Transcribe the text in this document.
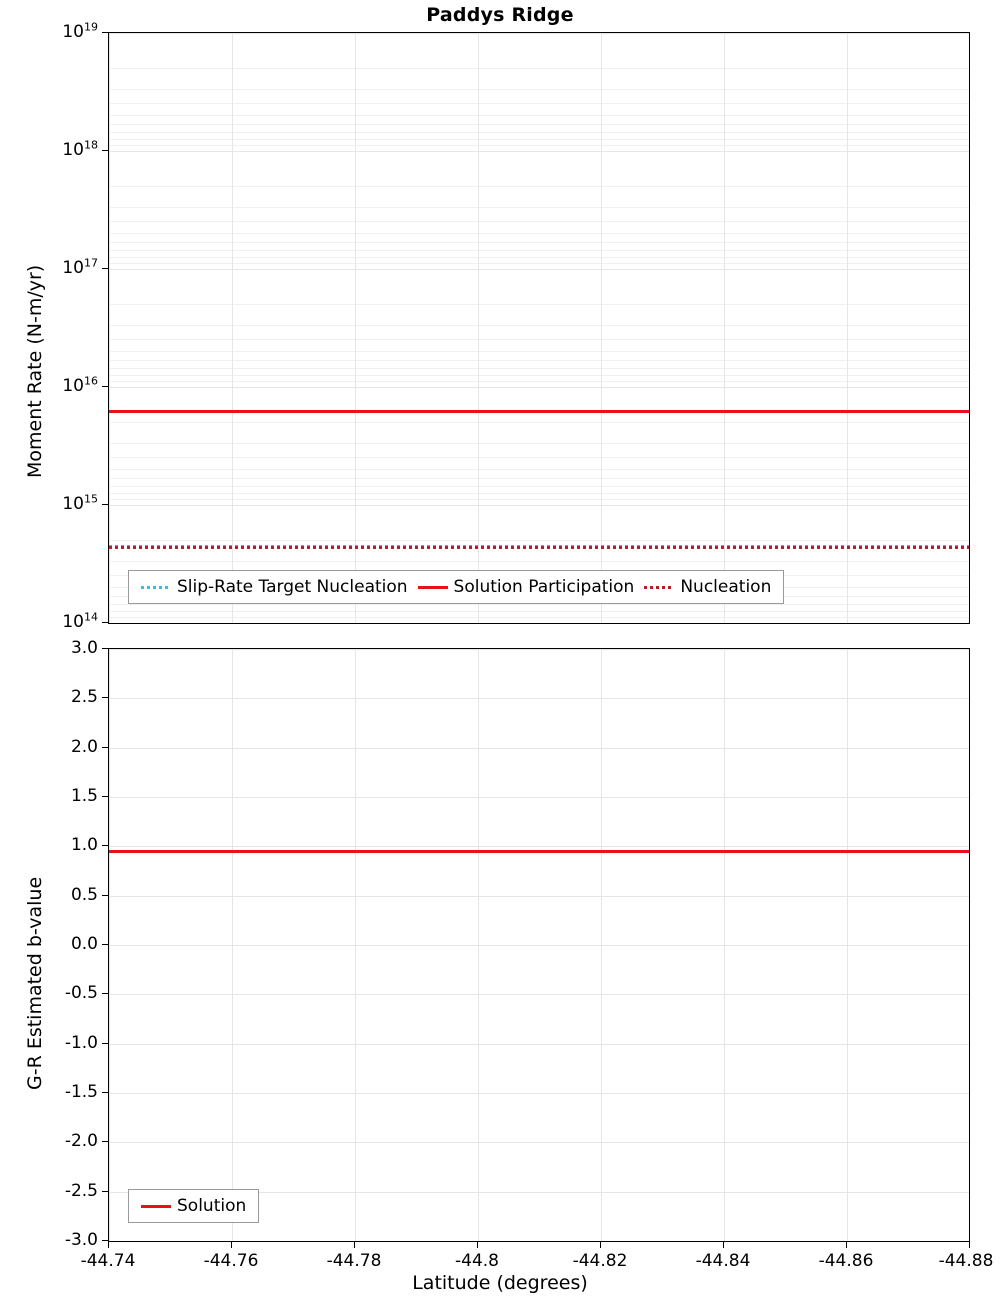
Paddys Ridge
$10^{19}$
$10^{18}$
$10^{17}$
$10^{16}$
$10^{15}$
$10^{14}$
Moment Rate (N-m/yr)
Slip-Rate Target Nucleation	Solution Participation	Nucleation
3.0
2.5
2.0
1.5
1.0
0.5
0.0
-0.5
-1.0
-1.5
-2.0
-2.5
-3.0
G-R Estimated b-value
-44.74	-44.76	-44.78	-44.8	-44.82	-44.84	-44.86	-44.88
Latitude (degrees)
Solution
